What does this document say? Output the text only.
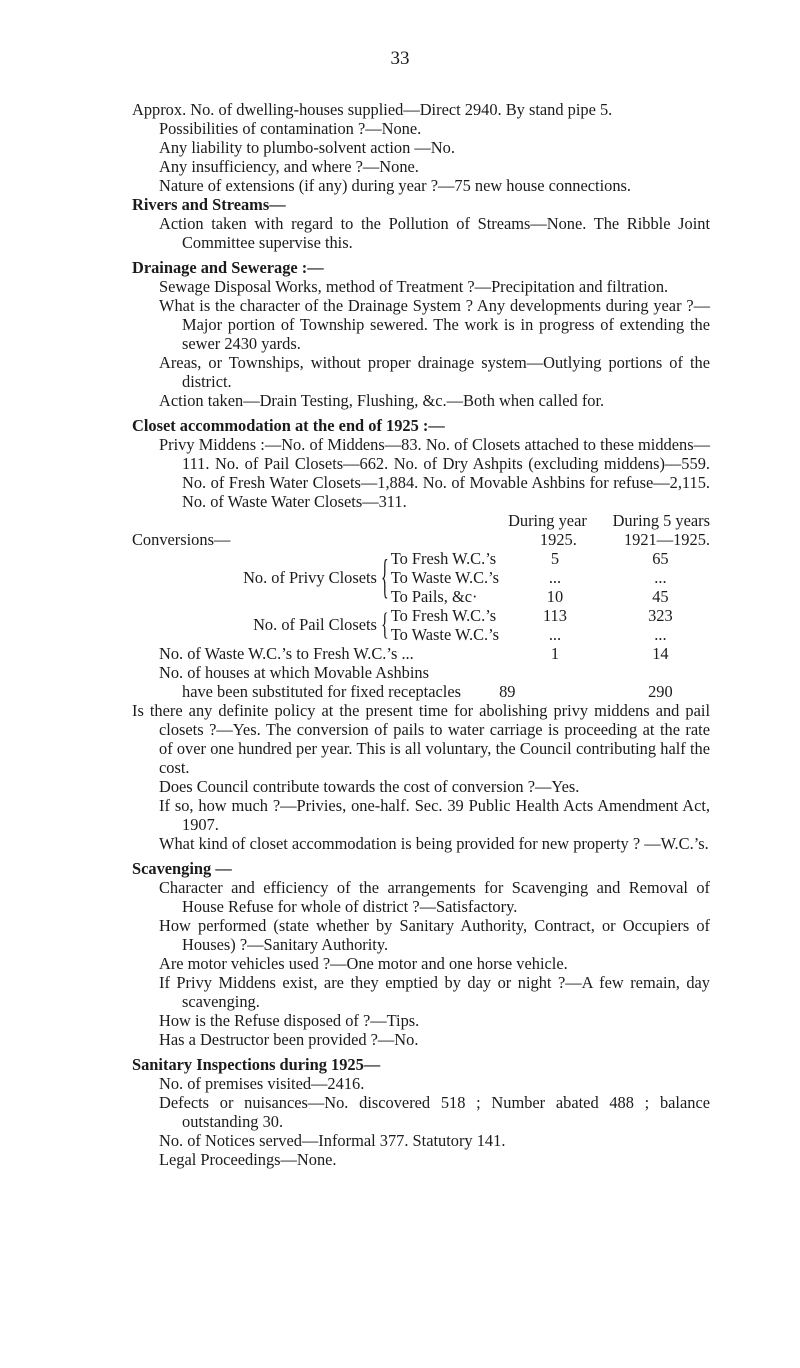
33

Approx. No. of dwelling-houses supplied—Direct 2940. By stand pipe 5.

Possibilities of contamination ?—None.

Any liability to plumbo-solvent action —No.

Any insufficiency, and where ?—None.

Nature of extensions (if any) during year ?—75 new house connections.

Rivers and Streams—

Action taken with regard to the Pollution of Streams—None. The Ribble Joint Committee supervise this.

Drainage and Sewerage :—

Sewage Disposal Works, method of Treatment ?—Precipitation and filtration.

What is the character of the Drainage System ? Any developments during year ?—Major portion of Township sewered. The work is in progress of extending the sewer 2430 yards.

Areas, or Townships, without proper drainage system—Outlying portions of the district.

Action taken—Drain Testing, Flushing, &c.—Both when called for.

Closet accommodation at the end of 1925 :—

Privy Middens :—No. of Middens—83. No. of Closets attached to these middens—111. No. of Pail Closets—662. No. of Dry Ashpits (excluding middens)—559. No. of Fresh Water Closets—1,884. No. of Movable Ashbins for refuse—2,115. No. of Waste Water Closets—311.

			During year	During 5 years
Conversions—			1925.	1921—1925.
No. of Privy Closets {		To Fresh W.C.’s	5	65
		To Waste W.C.’s	...	...
		To Pails, &c·	10	45
No. of Pail Closets {		To Fresh W.C.’s	113	323
		To Waste W.C.’s	...	...
No. of Waste W.C.’s to Fresh W.C.’s ...			1	14
No. of houses at which Movable Ashbins				
have been substituted for fixed receptacles			89	290

Is there any definite policy at the present time for abolishing privy middens and pail closets ?—Yes. The conversion of pails to water carriage is proceeding at the rate of over one hundred per year. This is all voluntary, the Council contributing half the cost.

Does Council contribute towards the cost of conversion ?—Yes.

If so, how much ?—Privies, one-half. Sec. 39 Public Health Acts Amendment Act, 1907.

What kind of closet accommodation is being provided for new property ? —W.C.’s.

Scavenging —

Character and efficiency of the arrangements for Scavenging and Removal of House Refuse for whole of district ?—Satisfactory.

How performed (state whether by Sanitary Authority, Contract, or Occupiers of Houses) ?—Sanitary Authority.

Are motor vehicles used ?—One motor and one horse vehicle.

If Privy Middens exist, are they emptied by day or night ?—A few remain, day scavenging.

How is the Refuse disposed of ?—Tips.

Has a Destructor been provided ?—No.

Sanitary Inspections during 1925—

No. of premises visited—2416.

Defects or nuisances—No. discovered 518 ; Number abated 488 ; balance outstanding 30.

No. of Notices served—Informal 377. Statutory 141.

Legal Proceedings—None.
